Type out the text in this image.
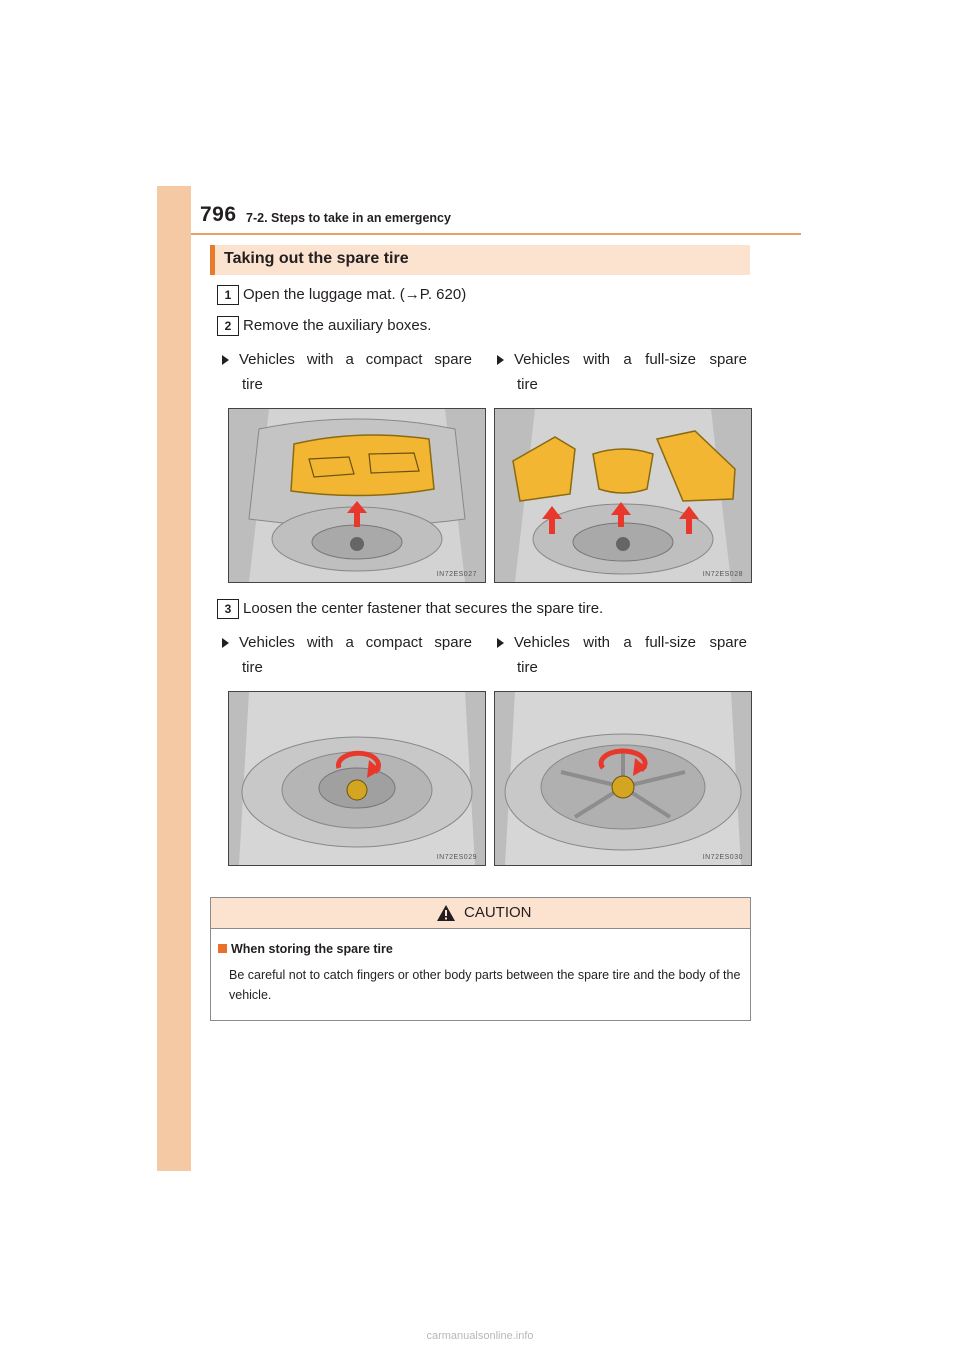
796 7-2. Steps to take in an emergency
Taking out the spare tire
1 Open the luggage mat. (→P. 620)
2 Remove the auxiliary boxes.
Vehicles with a compact spare
tire
Vehicles with a full-size spare
tire
IN72ES027	IN72ES028
3 Loosen the center fastener that secures the spare tire.
Vehicles with a compact spare
tire
Vehicles with a full-size spare
tire
IN72ES029	IN72ES030
CAUTION
When storing the spare tire
Be careful not to catch fingers or other body parts between the spare tire and the body of the vehicle.
carmanualsonline.info
